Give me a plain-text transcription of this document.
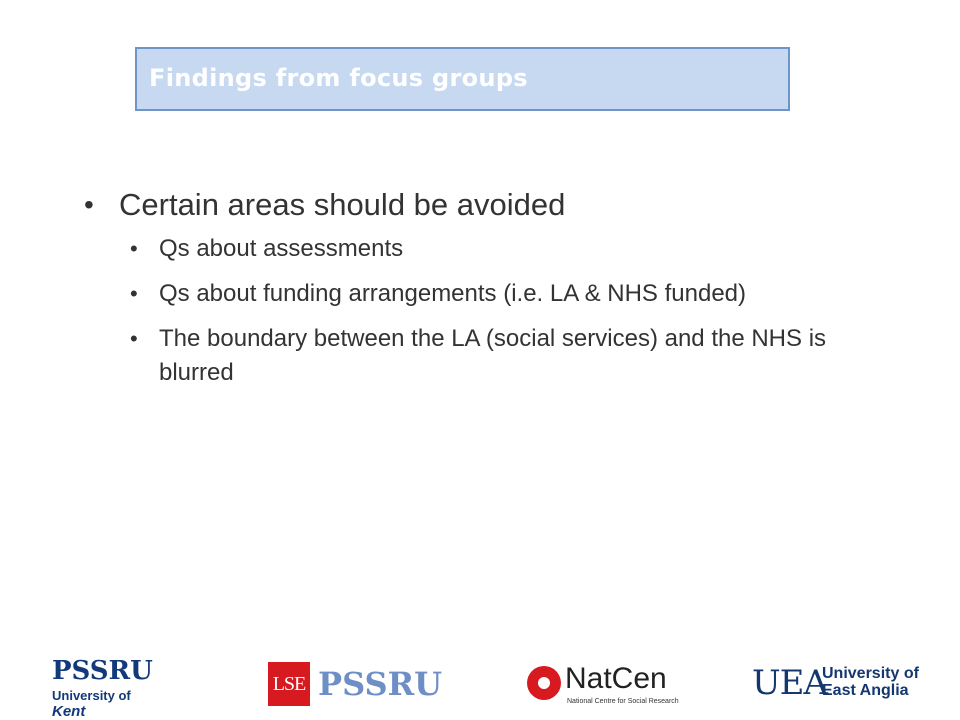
Findings from focus groups
• Certain areas should be avoided
• Qs about assessments
• Qs about funding arrangements (i.e. LA & NHS funded)
• The boundary between the LA (social services) and the NHS is blurred
PSSRU
University of Kent
LSE PSSRU	NatCen
National Centre for Social Research UEA
University of
East Anglia
